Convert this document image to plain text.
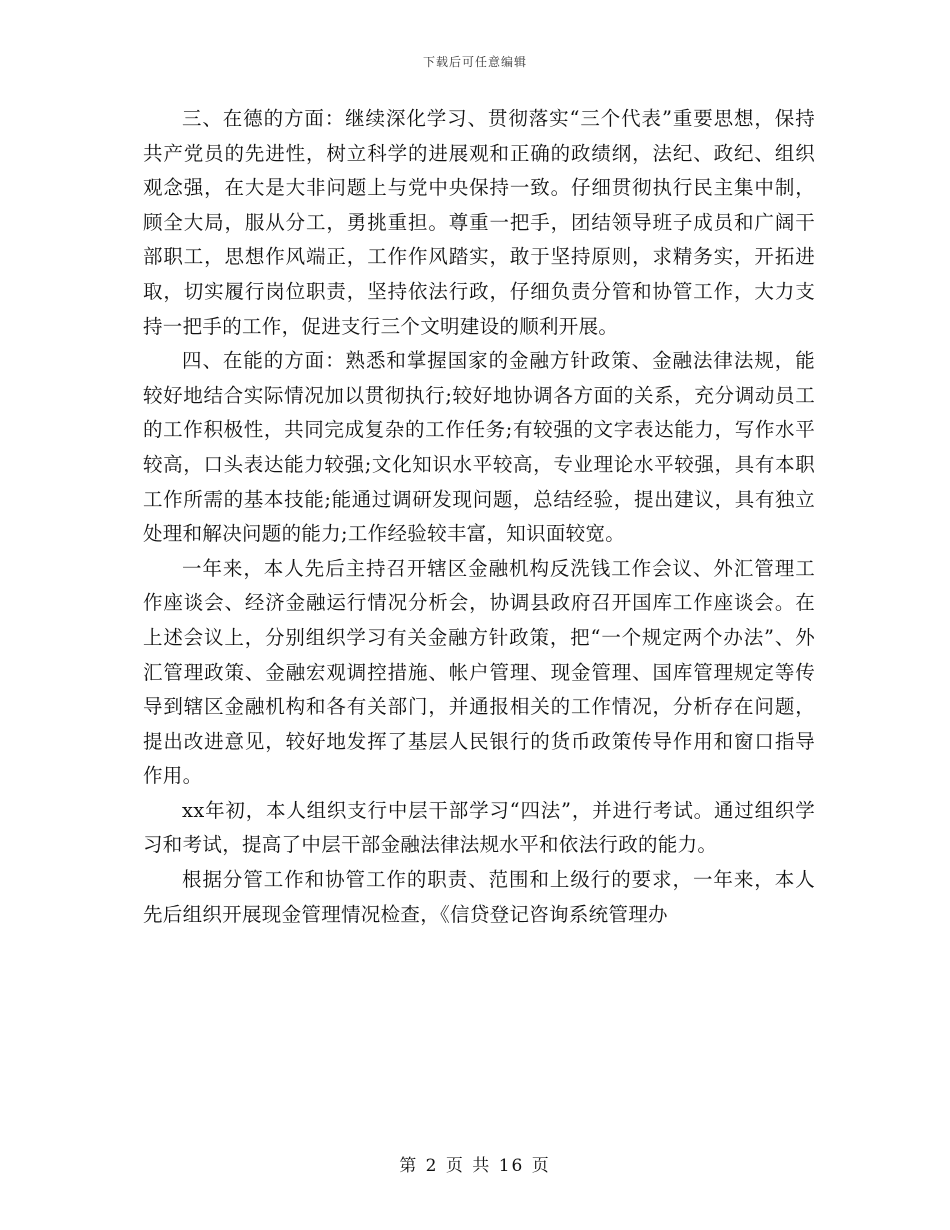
下载后可任意编辑

三、在德的方面：继续深化学习、贯彻落实“三个代表”重要思想，保持共产党员的先进性，树立科学的进展观和正确的政绩纲，法纪、政纪、组织观念强，在大是大非问题上与党中央保持一致。仔细贯彻执行民主集中制，顾全大局，服从分工，勇挑重担。尊重一把手，团结领导班子成员和广阔干部职工，思想作风端正，工作作风踏实，敢于坚持原则，求精务实，开拓进取，切实履行岗位职责，坚持依法行政，仔细负责分管和协管工作，大力支持一把手的工作，促进支行三个文明建设的顺利开展。

四、在能的方面：熟悉和掌握国家的金融方针政策、金融法律法规，能较好地结合实际情况加以贯彻执行;较好地协调各方面的关系，充分调动员工的工作积极性，共同完成复杂的工作任务;有较强的文字表达能力，写作水平较高，口头表达能力较强;文化知识水平较高，专业理论水平较强，具有本职工作所需的基本技能;能通过调研发现问题，总结经验，提出建议，具有独立处理和解决问题的能力;工作经验较丰富，知识面较宽。

一年来，本人先后主持召开辖区金融机构反洗钱工作会议、外汇管理工作座谈会、经济金融运行情况分析会，协调县政府召开国库工作座谈会。在上述会议上，分别组织学习有关金融方针政策，把“一个规定两个办法”、外汇管理政策、金融宏观调控措施、帐户管理、现金管理、国库管理规定等传导到辖区金融机构和各有关部门，并通报相关的工作情况，分析存在问题，提出改进意见，较好地发挥了基层人民银行的货币政策传导作用和窗口指导作用。

xx年初，本人组织支行中层干部学习“四法”，并进行考试。通过组织学习和考试，提高了中层干部金融法律法规水平和依法行政的能力。

根据分管工作和协管工作的职责、范围和上级行的要求，一年来，本人先后组织开展现金管理情况检查，《信贷登记咨询系统管理办

第 2 页 共 16 页
